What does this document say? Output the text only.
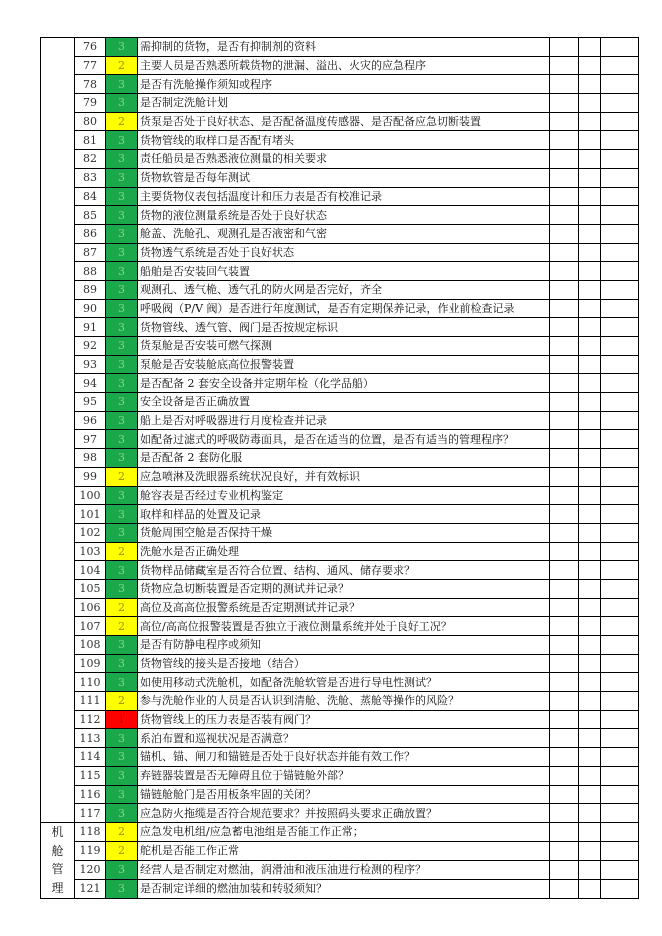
	76	3	需抑制的货物，是否有抑制剂的资料			
	77	2	主要人员是否熟悉所载货物的泄漏、溢出、火灾的应急程序			
	78	3	是否有洗舱操作须知或程序			
	79	3	是否制定洗舱计划			
	80	2	货泵是否处于良好状态、是否配备温度传感器、是否配备应急切断装置			
	81	3	货物管线的取样口是否配有堵头			
	82	3	责任船员是否熟悉液位测量的相关要求			
	83	3	货物软管是否每年测试			
	84	3	主要货物仪表包括温度计和压力表是否有校准记录			
	85	3	货物的液位测量系统是否处于良好状态			
	86	3	舱盖、洗舱孔、观测孔是否液密和气密			
	87	3	货物透气系统是否处于良好状态			
	88	3	船舶是否安装回气装置			
	89	3	观测孔、透气桅、透气孔的防火网是否完好，齐全			
	90	3	呼吸阀（P/V 阀）是否进行年度测试，是否有定期保养记录，作业前检查记录			
	91	3	货物管线、透气管、阀门是否按规定标识			
	92	3	货泵舱是否安装可燃气探测			
	93	3	泵舱是否安装舱底高位报警装置			
	94	3	是否配备 2 套安全设备并定期年检（化学品船）			
	95	3	安全设备是否正确放置			
	96	3	船上是否对呼吸器进行月度检查并记录			
	97	3	如配备过滤式的呼吸防毒面具，是否在适当的位置，是否有适当的管理程序？			
	98	3	是否配备 2 套防化服			
	99	2	应急喷淋及洗眼器系统状况良好，并有效标识			
	100	3	舱容表是否经过专业机构鉴定			
	101	3	取样和样品的处置及记录			
	102	3	货舱周围空舱是否保持干燥			
	103	2	洗舱水是否正确处理			
	104	3	货物样品储藏室是否符合位置、结构、通风、储存要求？			
	105	3	货物应急切断装置是否定期的测试并记录？			
	106	2	高位及高高位报警系统是否定期测试并记录？			
	107	2	高位/高高位报警装置是否独立于液位测量系统并处于良好工况？			
	108	3	是否有防静电程序或须知			
	109	3	货物管线的接头是否接地（结合）			
	110	3	如使用移动式洗舱机，如配备洗舱软管是否进行导电性测试？			
	111	2	参与洗舱作业的人员是否认识到清舱、洗舱、蒸舱等操作的风险？			
	112	1	货物管线上的压力表是否装有阀门？			
	113	3	系泊布置和巡视状况是否满意？			
	114	3	锚机、锚、闸刀和锚链是否处于良好状态并能有效工作？			
	115	3	弃链器装置是否无障碍且位于锚链舱外部？			
	116	3	锚链舱舱门是否用板条牢固的关闭？			
	117	3	应急防火拖缆是否符合规范要求？并按照码头要求正确放置？			
机舱管理	118	2	应急发电机组/应急蓄电池组是否能工作正常；			
	119	2	舵机是否能工作正常			
	120	3	经营人是否制定对燃油，润滑油和液压油进行检测的程序？			
	121	3	是否制定详细的燃油加装和转驳须知？			
